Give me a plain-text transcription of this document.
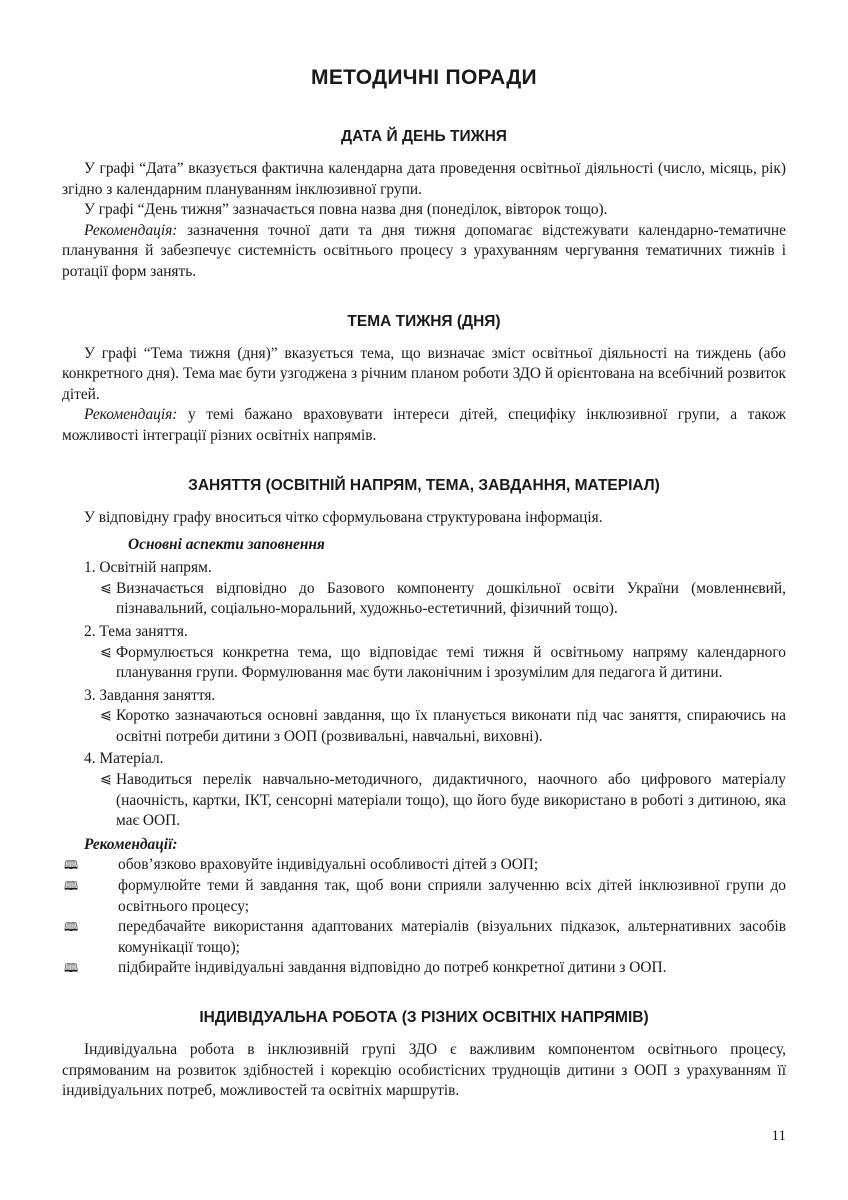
МЕТОДИЧНІ ПОРАДИ
ДАТА Й ДЕНЬ ТИЖНЯ

У графі “Дата” вказується фактична календарна дата проведення освітньої діяльності (число, місяць, рік) згідно з календарним плануванням інклюзивної групи.

У графі “День тижня” зазначається повна назва дня (понеділок, вівторок тощо).

Рекомендація: зазначення точної дати та дня тижня допомагає відстежувати календарно-тематичне планування й забезпечує системність освітнього процесу з урахуванням чергування тематичних тижнів і ротації форм занять.

ТЕМА ТИЖНЯ (ДНЯ)

У графі “Тема тижня (дня)” вказується тема, що визначає зміст освітньої діяльності на тиждень (або конкретного дня). Тема має бути узгоджена з річним планом роботи ЗДО й орієнтована на всебічний розвиток дітей.

Рекомендація: у темі бажано враховувати інтереси дітей, специфіку інклюзивної групи, а також можливості інтеграції різних освітніх напрямів.

ЗАНЯТТЯ (ОСВІТНІЙ НАПРЯМ, ТЕМА, ЗАВДАННЯ, МАТЕРІАЛ)

У відповідну графу вноситься чітко сформульована структурована інформація.

Основні аспекти заповнення
1. Освітній напрям.
⩿ Визначається відповідно до Базового компоненту дошкільної освіти України (мовленнєвий, пізнавальний, соціально-моральний, художньо-естетичний, фізичний тощо).

2. Тема заняття.
⩿ Формулюється конкретна тема, що відповідає темі тижня й освітньому напряму календарного планування групи. Формулювання має бути лаконічним і зрозумілим для педагога й дитини.

3. Завдання заняття.
⩿ Коротко зазначаються основні завдання, що їх планується виконати під час заняття, спираючись на освітні потреби дитини з ООП (розвивальні, навчальні, виховні).

4. Матеріал.
⩿ Наводиться перелік навчально-методичного, дидактичного, наочного або цифрового матеріалу (наочність, картки, ІКТ, сенсорні матеріали тощо), що його буде використано в роботі з дитиною, яка має ООП.

Рекомендації:
🕮	обов’язково враховуйте індивідуальні особливості дітей з ООП;

🕮	формулюйте теми й завдання так, щоб вони сприяли залученню всіх дітей інклюзивної групи до освітнього процесу;

🕮	передбачайте використання адаптованих матеріалів (візуальних підказок, альтернативних засобів комунікації тощо);

🕮	підбирайте індивідуальні завдання відповідно до потреб конкретної дитини з ООП.

ІНДИВІДУАЛЬНА РОБОТА (З РІЗНИХ ОСВІТНІХ НАПРЯМІВ)

Індивідуальна робота в інклюзивній групі ЗДО є важливим компонентом освітнього процесу, спрямованим на розвиток здібностей і корекцію особистісних труднощів дитини з ООП з урахуванням її індивідуальних потреб, можливостей та освітніх маршрутів.

11
